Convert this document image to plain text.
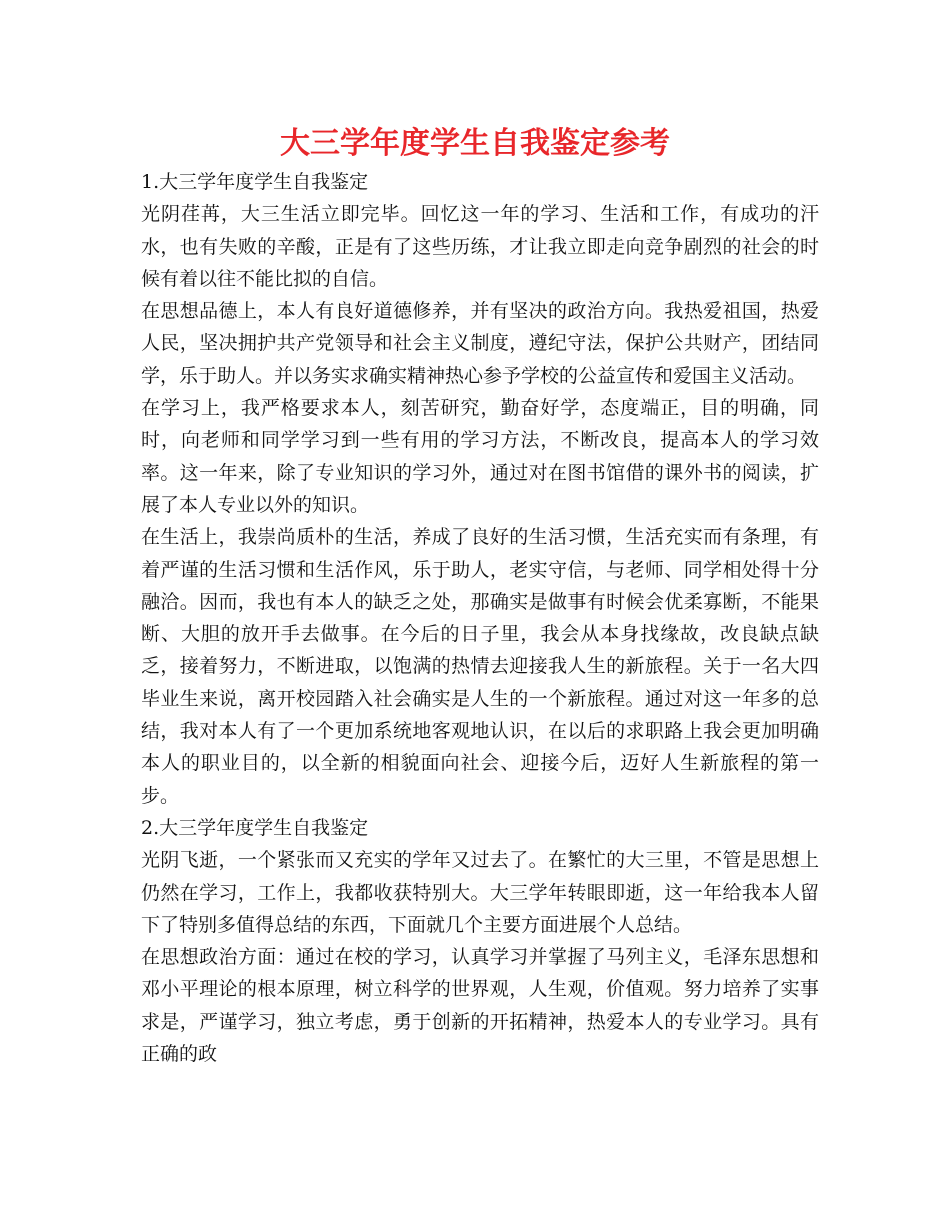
大三学年度学生自我鉴定参考

1.大三学年度学生自我鉴定

光阴荏苒，大三生活立即完毕。回忆这一年的学习、生活和工作，有成功的汗水，也有失败的辛酸，正是有了这些历练，才让我立即走向竞争剧烈的社会的时候有着以往不能比拟的自信。

在思想品德上，本人有良好道德修养，并有坚决的政治方向。我热爱祖国，热爱人民，坚决拥护共产党领导和社会主义制度，遵纪守法，保护公共财产，团结同学，乐于助人。并以务实求确实精神热心参予学校的公益宣传和爱国主义活动。

在学习上，我严格要求本人，刻苦研究，勤奋好学，态度端正，目的明确，同时，向老师和同学学习到一些有用的学习方法，不断改良，提高本人的学习效率。这一年来，除了专业知识的学习外，通过对在图书馆借的课外书的阅读，扩展了本人专业以外的知识。

在生活上，我崇尚质朴的生活，养成了良好的生活习惯，生活充实而有条理，有着严谨的生活习惯和生活作风，乐于助人，老实守信，与老师、同学相处得十分融洽。因而，我也有本人的缺乏之处，那确实是做事有时候会优柔寡断，不能果断、大胆的放开手去做事。在今后的日子里，我会从本身找缘故，改良缺点缺乏，接着努力，不断进取，以饱满的热情去迎接我人生的新旅程。关于一名大四毕业生来说，离开校园踏入社会确实是人生的一个新旅程。通过对这一年多的总结，我对本人有了一个更加系统地客观地认识，在以后的求职路上我会更加明确本人的职业目的，以全新的相貌面向社会、迎接今后，迈好人生新旅程的第一步。

2.大三学年度学生自我鉴定

光阴飞逝，一个紧张而又充实的学年又过去了。在繁忙的大三里，不管是思想上仍然在学习，工作上，我都收获特别大。大三学年转眼即逝，这一年给我本人留下了特别多值得总结的东西，下面就几个主要方面进展个人总结。

在思想政治方面：通过在校的学习，认真学习并掌握了马列主义，毛泽东思想和邓小平理论的根本原理，树立科学的世界观，人生观，价值观。努力培养了实事求是，严谨学习，独立考虑，勇于创新的开拓精神，热爱本人的专业学习。具有正确的政
